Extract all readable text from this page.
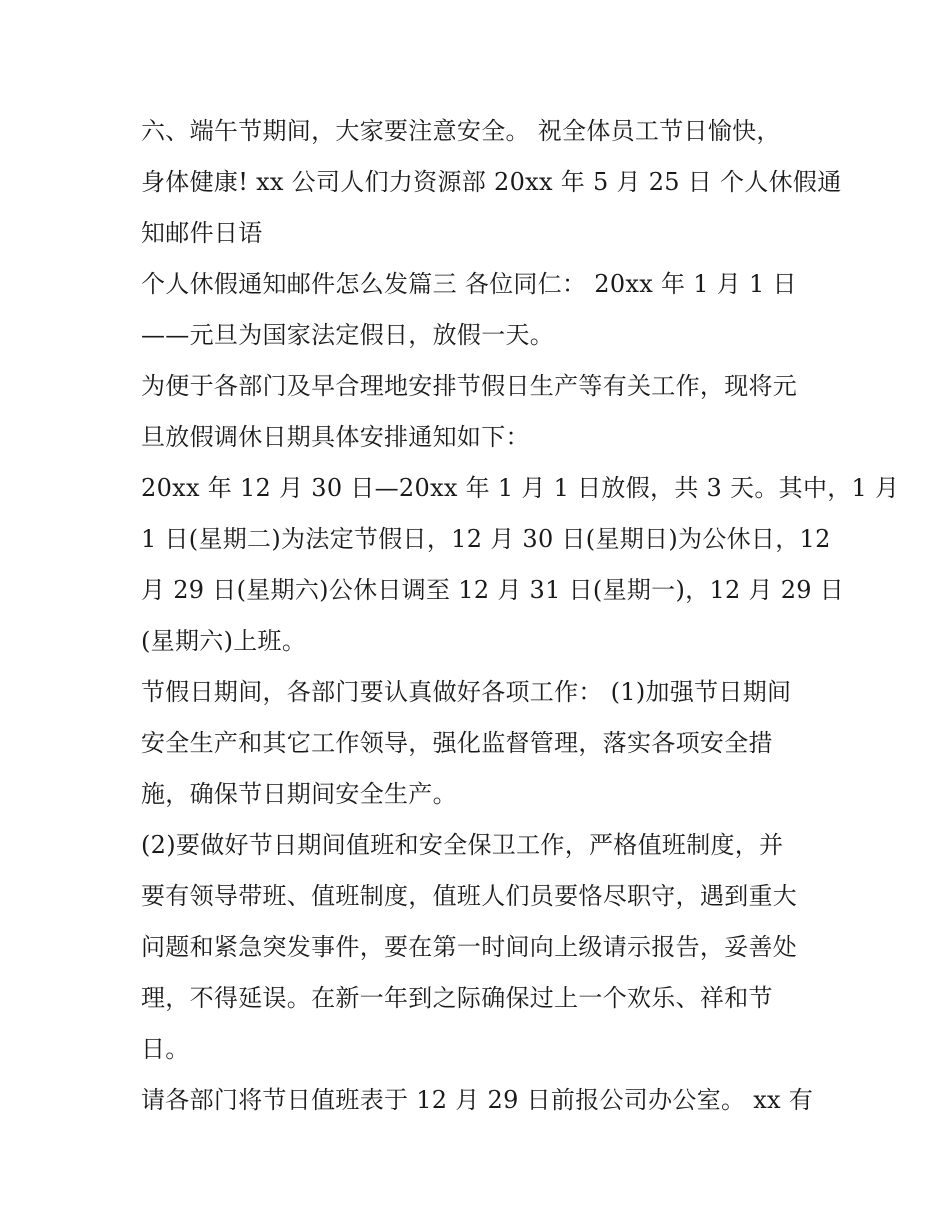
六、端午节期间，大家要注意安全。 祝全体员工节日愉快，
身体健康! xx 公司人们力资源部 20xx 年 5 月 25 日 个人休假通
知邮件日语
个人休假通知邮件怎么发篇三 各位同仁： 20xx 年 1 月 1 日
——元旦为国家法定假日，放假一天。
为便于各部门及早合理地安排节假日生产等有关工作，现将元
旦放假调休日期具体安排通知如下：
20xx 年 12 月 30 日—20xx 年 1 月 1 日放假，共 3 天。其中，1 月
1 日(星期二)为法定节假日，12 月 30 日(星期日)为公休日，12
月 29 日(星期六)公休日调至 12 月 31 日(星期一)，12 月 29 日
(星期六)上班。
节假日期间，各部门要认真做好各项工作： (1)加强节日期间
安全生产和其它工作领导，强化监督管理，落实各项安全措
施，确保节日期间安全生产。
(2)要做好节日期间值班和安全保卫工作，严格值班制度，并
要有领导带班、值班制度，值班人们员要恪尽职守，遇到重大
问题和紧急突发事件，要在第一时间向上级请示报告，妥善处
理，不得延误。在新一年到之际确保过上一个欢乐、祥和节
日。
请各部门将节日值班表于 12 月 29 日前报公司办公室。 xx 有
